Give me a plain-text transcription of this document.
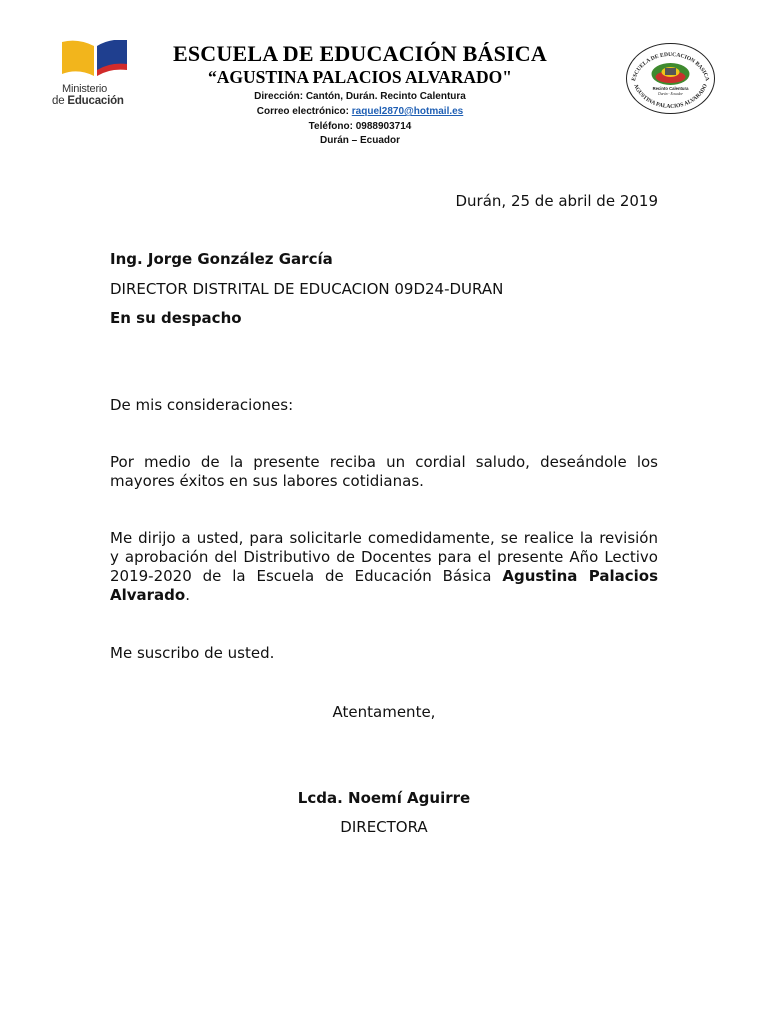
Ministerio
de Educación
ESCUELA DE EDUCACIÓN BÁSICA
“AGUSTINA PALACIOS ALVARADO"
Dirección: Cantón, Durán. Recinto Calentura
Correo electrónico: raquel2870@hotmail.es
Teléfono: 0988903714
Durán – Ecuador
ESCUELA DE EDUCACION BASICA
AGUSTINA PALACIOS ALVARADO
Recinto Calentura
Durán - Ecuador
Durán, 25 de abril de 2019
Ing. Jorge González García
DIRECTOR DISTRITAL DE EDUCACION 09D24-DURAN
En su despacho
De mis consideraciones:
Por medio de la presente reciba un cordial saludo, deseándole los mayores éxitos en sus labores cotidianas.
Me dirijo a usted, para solicitarle comedidamente, se realice la revisión y aprobación del Distributivo de Docentes para el presente Año Lectivo 2019-2020 de la Escuela de Educación Básica Agustina Palacios Alvarado.
Me suscribo de usted.
Atentamente,
Lcda. Noemí Aguirre
DIRECTORA
